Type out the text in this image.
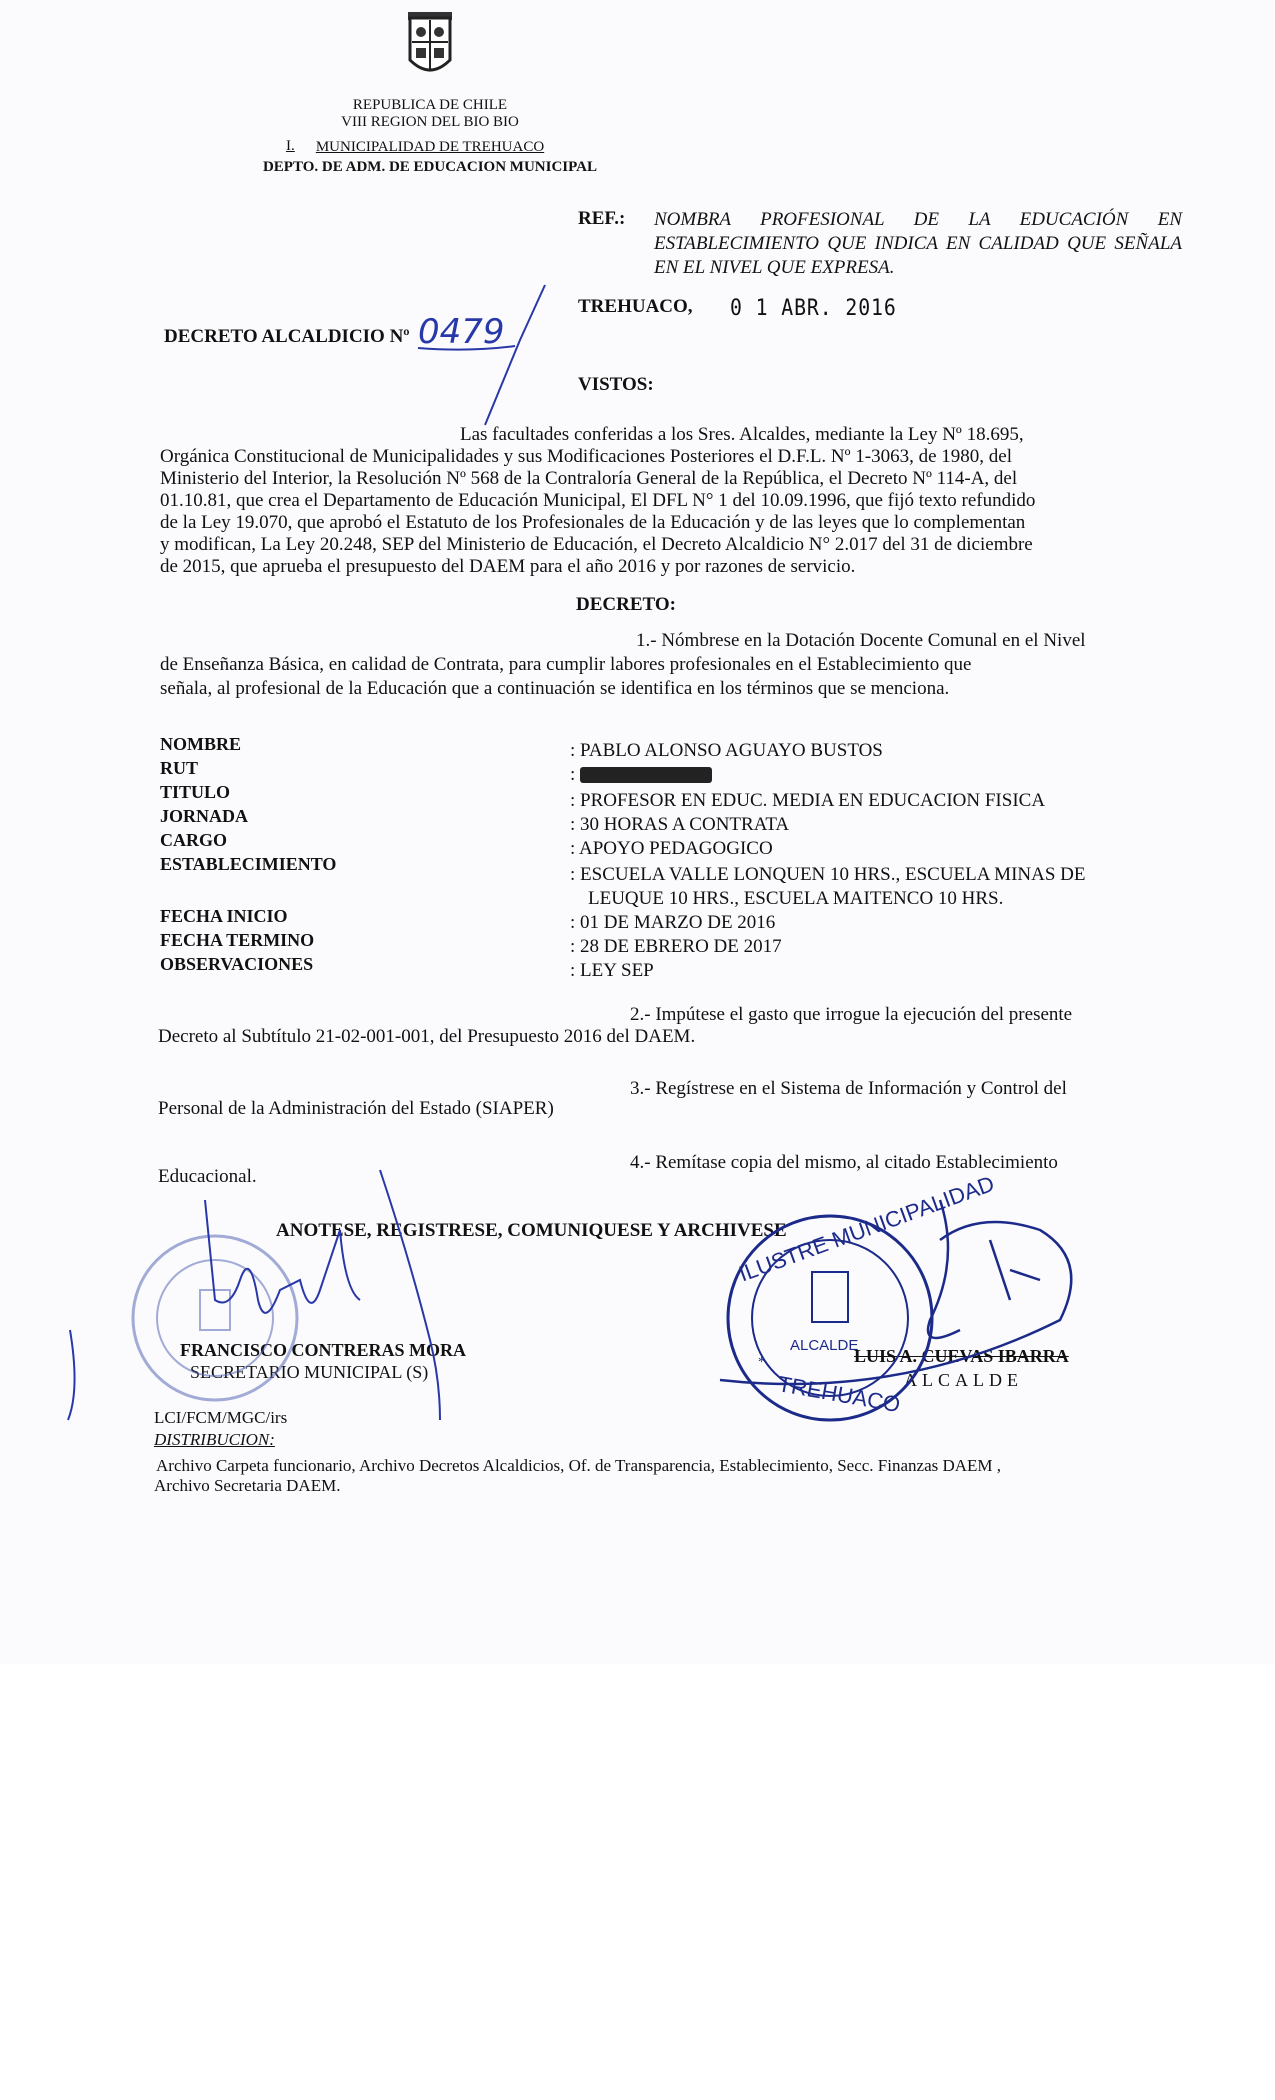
REPUBLICA DE CHILE
VIII REGION DEL BIO BIO
MUNICIPALIDAD DE TREHUACO
I.
DEPTO. DE ADM. DE EDUCACION MUNICIPAL
REF.: NOMBRA PROFESIONAL DE LA EDUCACIÓN EN ESTABLECIMIENTO QUE INDICA EN CALIDAD QUE SEÑALA EN EL NIVEL QUE EXPRESA.
TREHUACO, 0 1 ABR. 2016
DECRETO ALCALDICIO Nº 0479
VISTOS:
Las facultades conferidas a los Sres. Alcaldes, mediante la Ley Nº 18.695,
Orgánica Constitucional de Municipalidades y sus Modificaciones Posteriores el D.F.L. Nº 1-3063, de 1980, del
Ministerio del Interior, la Resolución Nº 568 de la Contraloría General de la República, el Decreto Nº 114-A, del
01.10.81, que crea el Departamento de Educación Municipal, El DFL N° 1 del 10.09.1996, que fijó texto refundido
de la Ley 19.070, que aprobó el Estatuto de los Profesionales de la Educación y de las leyes que lo complementan
y modifican, La Ley 20.248, SEP del Ministerio de Educación, el Decreto Alcaldicio N° 2.017 del 31 de diciembre
de 2015, que aprueba el presupuesto del DAEM para el año 2016 y por razones de servicio.
DECRETO:
1.- Nómbrese en la Dotación Docente Comunal en el Nivel
de Enseñanza Básica, en calidad de Contrata, para cumplir labores profesionales en el Establecimiento que
señala, al profesional de la Educación que a continuación se identifica en los términos que se menciona.
NOMBRE	: PABLO ALONSO AGUAYO BUSTOS
RUT	:
TITULO	: PROFESOR EN EDUC. MEDIA EN EDUCACION FISICA
JORNADA	: 30 HORAS A CONTRATA
CARGO	: APOYO PEDAGOGICO
ESTABLECIMIENTO	: ESCUELA VALLE LONQUEN 10 HRS., ESCUELA MINAS DE
LEUQUE 10 HRS., ESCUELA MAITENCO 10 HRS.
FECHA INICIO	: 01 DE MARZO DE 2016
FECHA TERMINO	: 28 DE EBRERO DE 2017
OBSERVACIONES	: LEY SEP
2.- Impútese el gasto que irrogue la ejecución del presente
Decreto al Subtítulo 21-02-001-001, del Presupuesto 2016 del DAEM.
3.- Regístrese en el Sistema de Información y Control del
Personal de la Administración del Estado (SIAPER)
4.- Remítase copia del mismo, al citado Establecimiento
Educacional.
ANOTESE, REGISTRESE, COMUNIQUESE Y ARCHIVESE
FRANCISCO CONTRERAS MORA
SECRETARIO MUNICIPAL (S)
LUIS A. CUEVAS IBARRA
ALCALDE
LCI/FCM/MGC/irs
DISTRIBUCION:
Archivo Carpeta funcionario, Archivo Decretos Alcaldicios, Of. de Transparencia, Establecimiento, Secc. Finanzas DAEM ,
Archivo Secretaria DAEM.
ILUSTRE MUNICIPALIDAD
ALCALDE
TREHUACO
*
